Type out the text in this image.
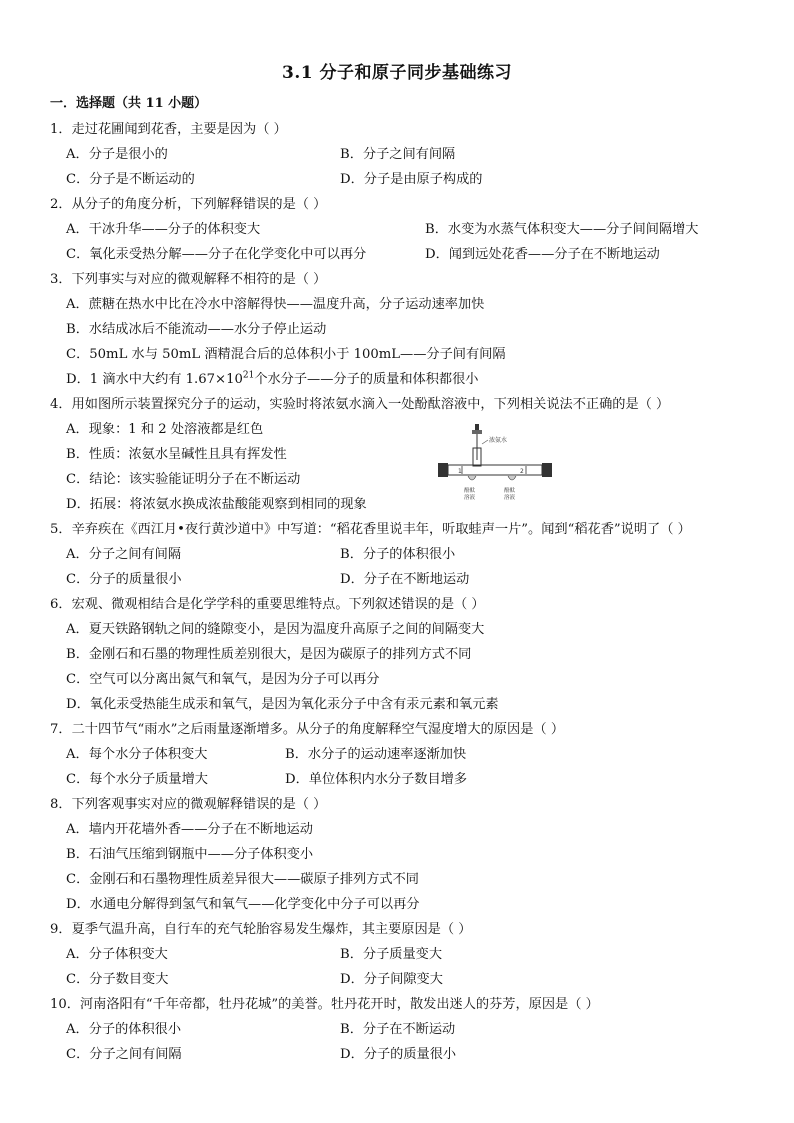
3.1 分子和原子同步基础练习
一．选择题（共 11 小题）
1．走过花圃闻到花香，主要是因为（ ）
A．分子是很小的	B．分子之间有间隔
C．分子是不断运动的	D．分子是由原子构成的
2．从分子的角度分析，下列解释错误的是（ ）
A．干冰升华——分子的体积变大	B．水变为水蒸气体积变大——分子间间隔增大
C．氧化汞受热分解——分子在化学变化中可以再分	D．闻到远处花香——分子在不断地运动
3．下列事实与对应的微观解释不相符的是（ ）
A．蔗糖在热水中比在冷水中溶解得快——温度升高，分子运动速率加快
B．水结成冰后不能流动——水分子停止运动
C．50mL 水与 50mL 酒精混合后的总体积小于 100mL——分子间有间隔
D．1 滴水中大约有 $1.67\times 10^{21}$个水分子——分子的质量和体积都很小
4．用如图所示装置探究分子的运动，实验时将浓氨水滴入一处酚酞溶液中，下列相关说法不正确的是（ ）
A．现象：1 和 2 处溶液都是红色
B．性质：浓氨水呈碱性且具有挥发性
C．结论：该实验能证明分子在不断运动
D．拓展：将浓氨水换成浓盐酸能观察到相同的现象
浓氨水
1	2
酚酞溶液
酚酞溶液
5．辛弃疾在《西江月•夜行黄沙道中》中写道：“稻花香里说丰年，听取蛙声一片”。闻到“稻花香”说明了（ ）
A．分子之间有间隔	B．分子的体积很小
C．分子的质量很小	D．分子在不断地运动
6．宏观、微观相结合是化学学科的重要思维特点。下列叙述错误的是（ ）
A．夏天铁路钢轨之间的缝隙变小，是因为温度升高原子之间的间隔变大
B．金刚石和石墨的物理性质差别很大，是因为碳原子的排列方式不同
C．空气可以分离出氮气和氧气，是因为分子可以再分
D．氧化汞受热能生成汞和氧气，是因为氧化汞分子中含有汞元素和氧元素
7．二十四节气“雨水”之后雨量逐渐增多。从分子的角度解释空气湿度增大的原因是（ ）
A．每个水分子体积变大	B．水分子的运动速率逐渐加快
C．每个水分子质量增大	D．单位体积内水分子数目增多
8．下列客观事实对应的微观解释错误的是（ ）
A．墙内开花墙外香——分子在不断地运动
B．石油气压缩到钢瓶中——分子体积变小
C．金刚石和石墨物理性质差异很大——碳原子排列方式不同
D．水通电分解得到氢气和氧气——化学变化中分子可以再分
9．夏季气温升高，自行车的充气轮胎容易发生爆炸，其主要原因是（ ）
A．分子体积变大	B．分子质量变大
C．分子数目变大	D．分子间隙变大
10．河南洛阳有“千年帝都，牡丹花城”的美誉。牡丹花开时，散发出迷人的芬芳，原因是（ ）
A．分子的体积很小	B．分子在不断运动
C．分子之间有间隔	D．分子的质量很小
